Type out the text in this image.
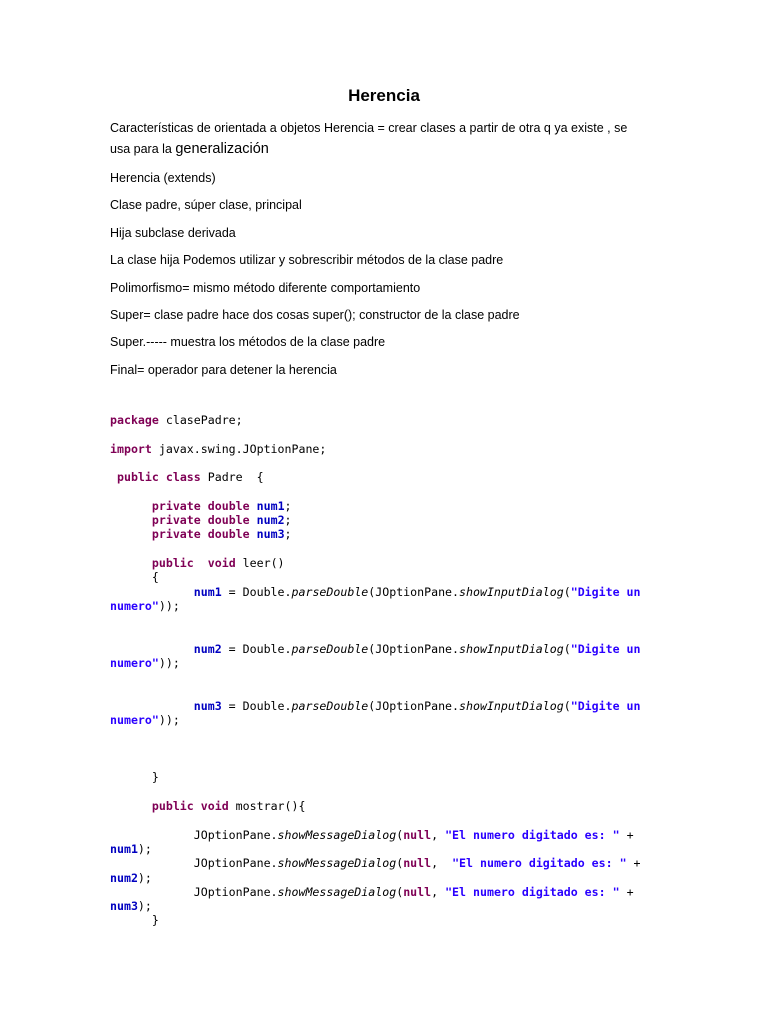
Herencia
Características de orientada a objetos Herencia = crear clases a partir de otra q ya existe , se
usa para la generalización
Herencia (extends)
Clase padre, súper clase, principal
Hija subclase derivada
La clase hija Podemos utilizar y sobrescribir métodos de la clase padre
Polimorfismo= mismo método diferente comportamiento
Super= clase padre hace dos cosas super(); constructor de la clase padre
Super.----- muestra los métodos de la clase padre
Final= operador para detener la herencia
package clasePadre;

import javax.swing.JOptionPane;

public class Padre  {

private double num1;
private double num2;
private double num3;

public void leer()
{
num1 = Double.parseDouble(JOptionPane.showInputDialog("Digite un
numero"));

num2 = Double.parseDouble(JOptionPane.showInputDialog("Digite un
numero"));

num3 = Double.parseDouble(JOptionPane.showInputDialog("Digite un
numero"));

}

public void mostrar(){

JOptionPane.showMessageDialog(null, "El numero digitado es: " +
num1);
JOptionPane.showMessageDialog(null,  "El numero digitado es: " +
num2);
JOptionPane.showMessageDialog(null, "El numero digitado es: " +
num3);
}
